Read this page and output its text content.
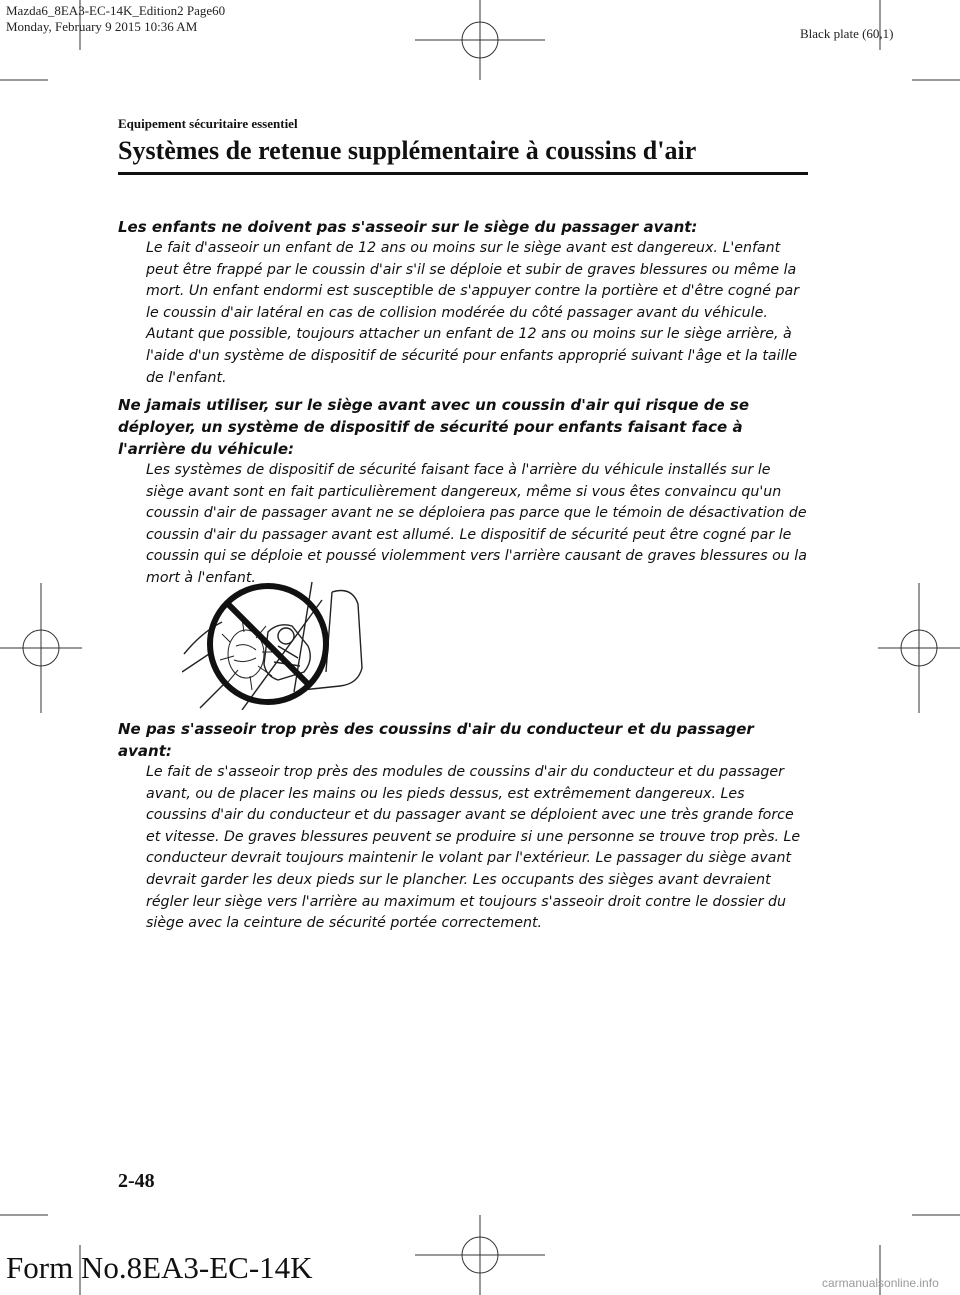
Mazda6_8EA3-EC-14K_Edition2 Page60
Monday, February 9 2015 10:36 AM	Black plate (60,1)
Equipement sécuritaire essentiel
Systèmes de retenue supplémentaire à coussins d'air
Les enfants ne doivent pas s'asseoir sur le siège du passager avant:
Le fait d'asseoir un enfant de 12 ans ou moins sur le siège avant est dangereux. L'enfant peut être frappé par le coussin d'air s'il se déploie et subir de graves blessures ou même la mort. Un enfant endormi est susceptible de s'appuyer contre la portière et d'être cogné par le coussin d'air latéral en cas de collision modérée du côté passager avant du véhicule. Autant que possible, toujours attacher un enfant de 12 ans ou moins sur le siège arrière, à l'aide d'un système de dispositif de sécurité pour enfants approprié suivant l'âge et la taille de l'enfant.
Ne jamais utiliser, sur le siège avant avec un coussin d'air qui risque de se déployer, un système de dispositif de sécurité pour enfants faisant face à l'arrière du véhicule:
Les systèmes de dispositif de sécurité faisant face à l'arrière du véhicule installés sur le siège avant sont en fait particulièrement dangereux, même si vous êtes convaincu qu'un coussin d'air de passager avant ne se déploiera pas parce que le témoin de désactivation de coussin d'air du passager avant est allumé. Le dispositif de sécurité peut être cogné par le coussin qui se déploie et poussé violemment vers l'arrière causant de graves blessures ou la mort à l'enfant.
Ne pas s'asseoir trop près des coussins d'air du conducteur et du passager avant:
Le fait de s'asseoir trop près des modules de coussins d'air du conducteur et du passager avant, ou de placer les mains ou les pieds dessus, est extrêmement dangereux. Les coussins d'air du conducteur et du passager avant se déploient avec une très grande force et vitesse. De graves blessures peuvent se produire si une personne se trouve trop près. Le conducteur devrait toujours maintenir le volant par l'extérieur. Le passager du siège avant devrait garder les deux pieds sur le plancher. Les occupants des sièges avant devraient régler leur siège vers l'arrière au maximum et toujours s'asseoir droit contre le dossier du siège avec la ceinture de sécurité portée correctement.
2-48
Form No.8EA3-EC-14K	carmanualsonline.info
